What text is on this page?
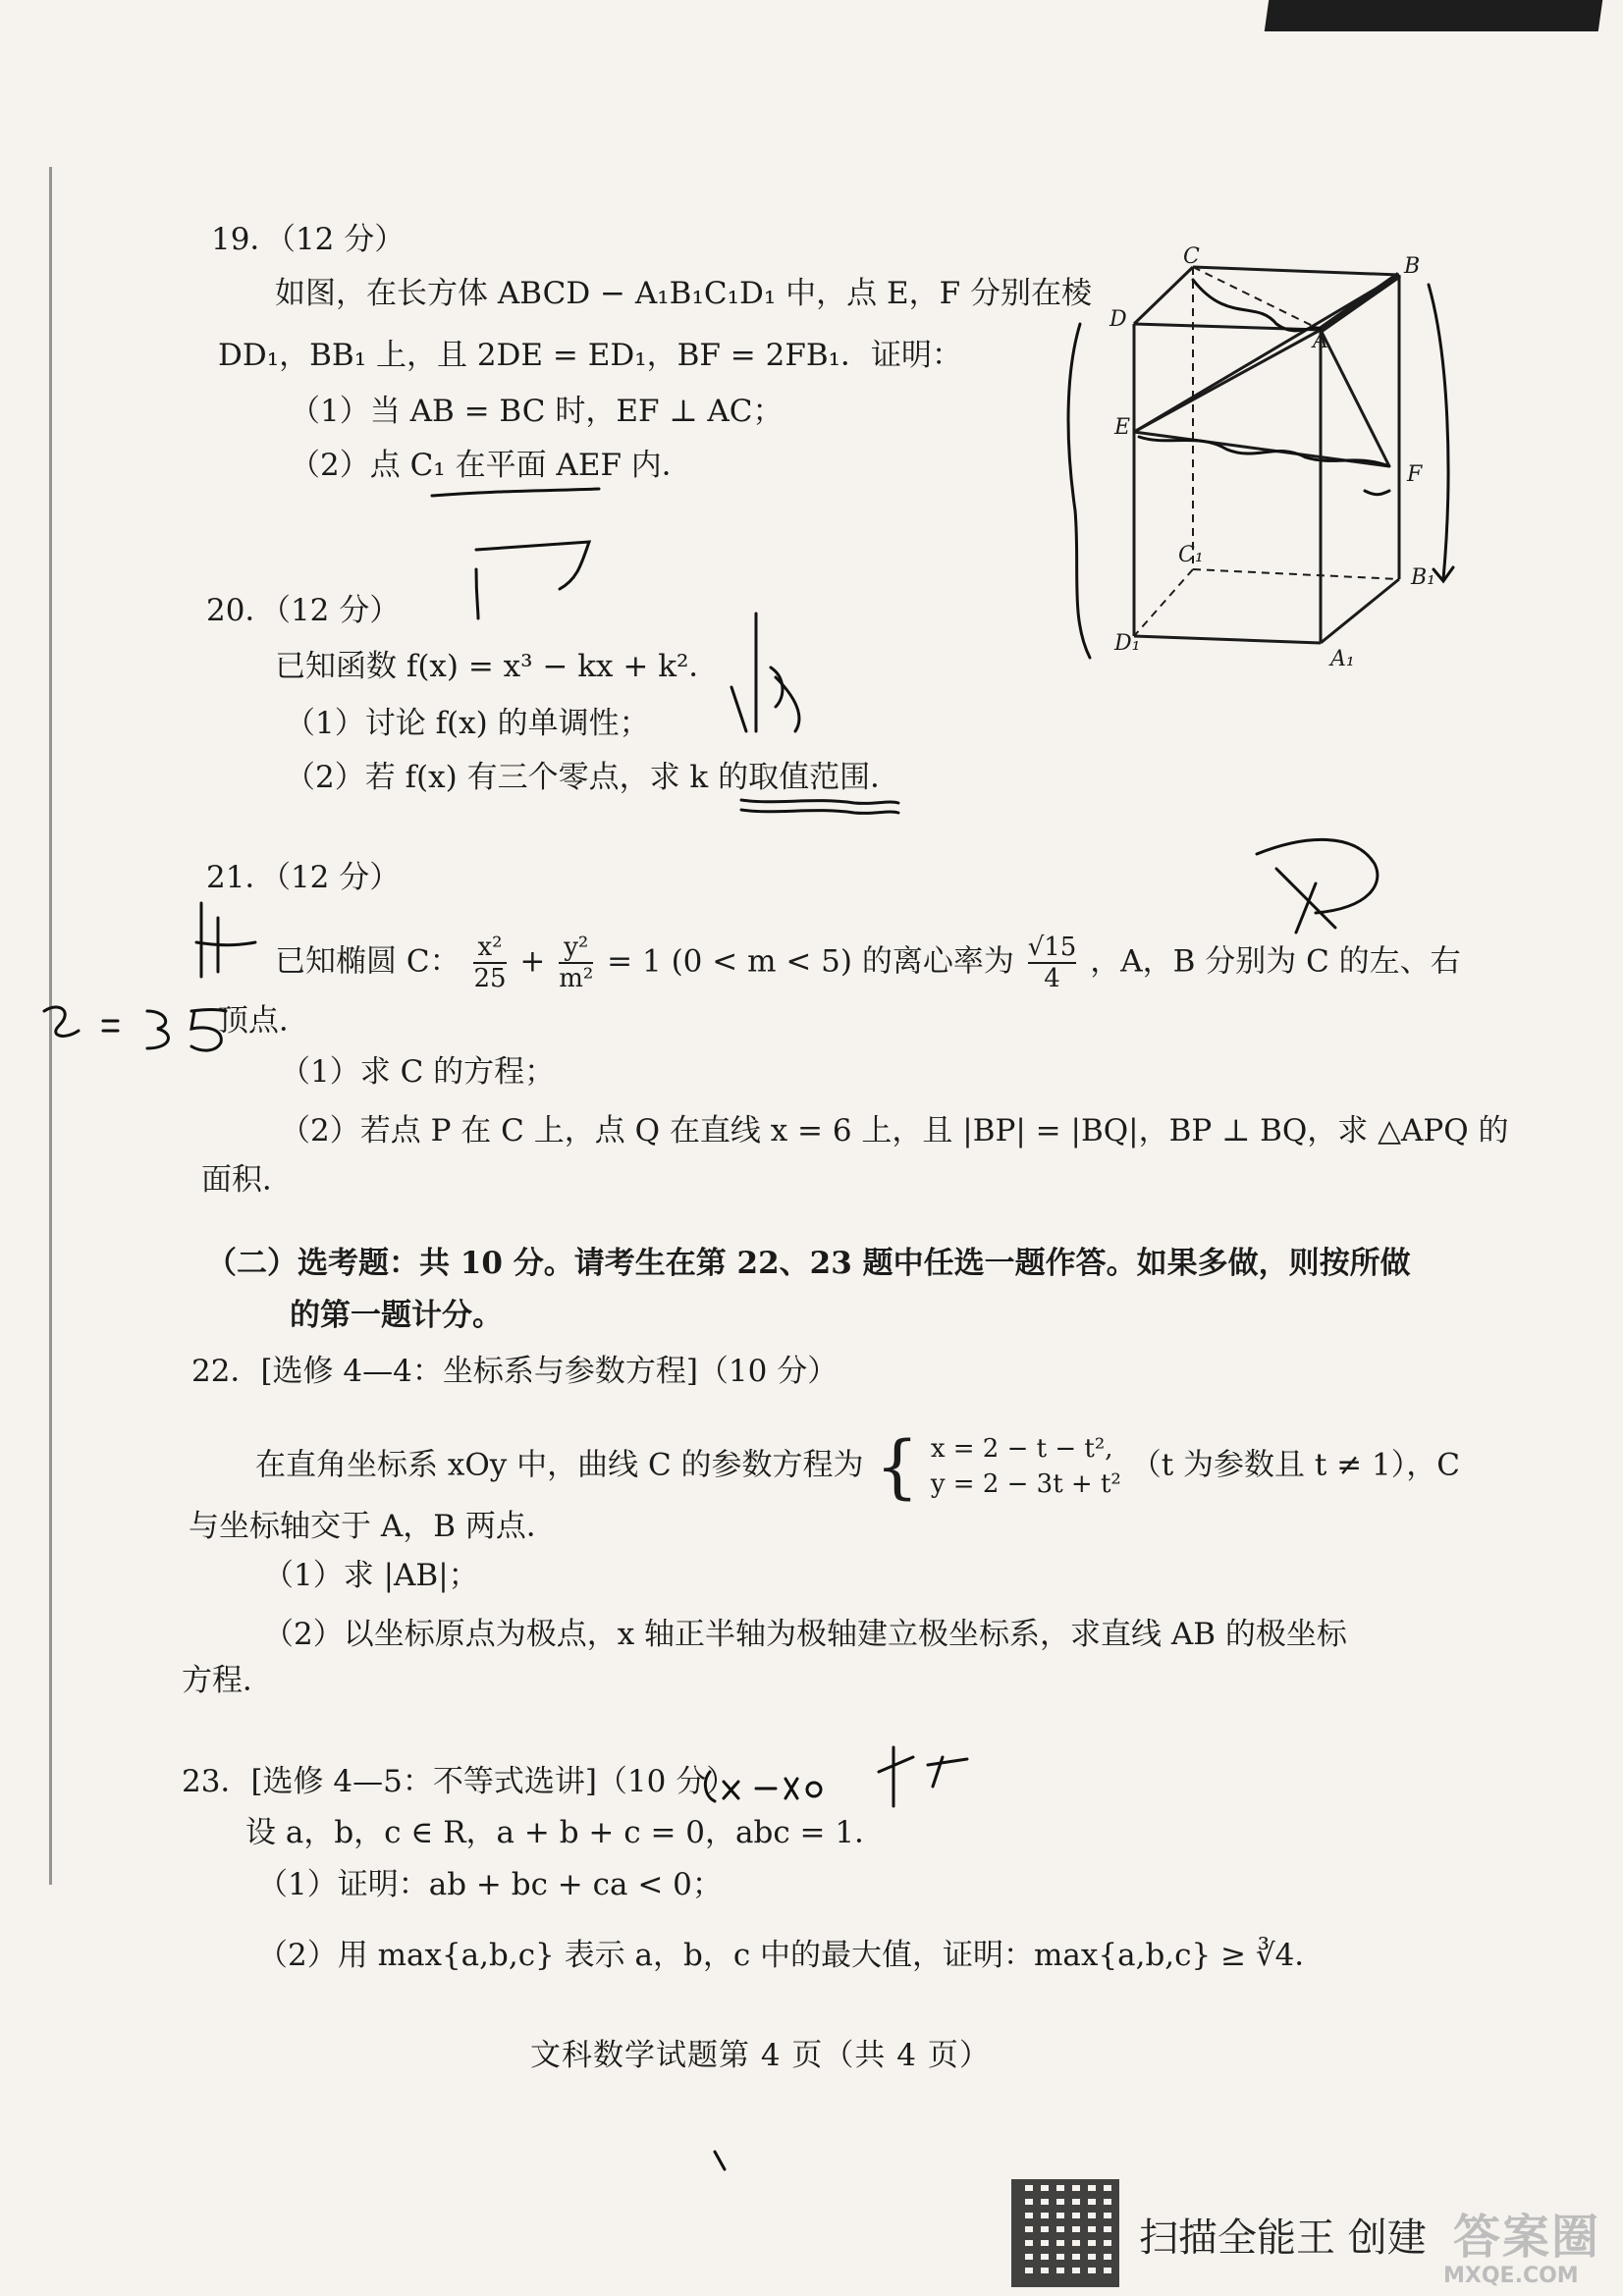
19．（12 分）
如图，在长方体 ABCD − A₁B₁C₁D₁ 中，点 E，F 分别在棱
DD₁，BB₁ 上，且 2DE = ED₁，BF = 2FB₁．证明：
（1）当 AB = BC 时，EF ⊥ AC；
（2）点 C₁ 在平面 AEF 内．
C	B
D
A
E
F
C₁
B₁
D₁
A₁
20．（12 分）
已知函数 f(x) = x³ − kx + k²．
（1）讨论 f(x) 的单调性；
（2）若 f(x) 有三个零点，求 k 的取值范围．
21．（12 分）
已知椭圆 C： $\frac{\text{x²}}{25} + \frac{\text{y²}}{\text{m²}} = 1$ (0 < m < 5) 的离心率为 $\frac{√15}{4}$ ，A，B 分别为 C 的左、右
顶点．
（1）求 C 的方程；
（2）若点 P 在 C 上，点 Q 在直线 x = 6 上，且 |BP| = |BQ|，BP ⊥ BQ，求 △APQ 的
面积．
（二）选考题：共 10 分。请考生在第 22、23 题中任选一题作答。如果多做，则按所做
的第一题计分。
22．[选修 4—4：坐标系与参数方程]（10 分）
在直角坐标系 xOy 中，曲线 C 的参数方程为 { x = 2 − t − t²,
y = 2 − 3t + t²
（t 为参数且 t ≠ 1），C
与坐标轴交于 A，B 两点．
（1）求 |AB|；
（2）以坐标原点为极点，x 轴正半轴为极轴建立极坐标系，求直线 AB 的极坐标
方程．
23．[选修 4—5：不等式选讲]（10 分）
设 a，b，c ∈ R，a + b + c = 0，abc = 1．
（1）证明：ab + bc + ca < 0；
（2）用 max{a,b,c} 表示 a，b，c 中的最大值，证明：max{a,b,c} ≥ ∛4．
文科数学试题第 4 页（共 4 页）
扫描全能王 创建 答案圈
MXQE.COM
